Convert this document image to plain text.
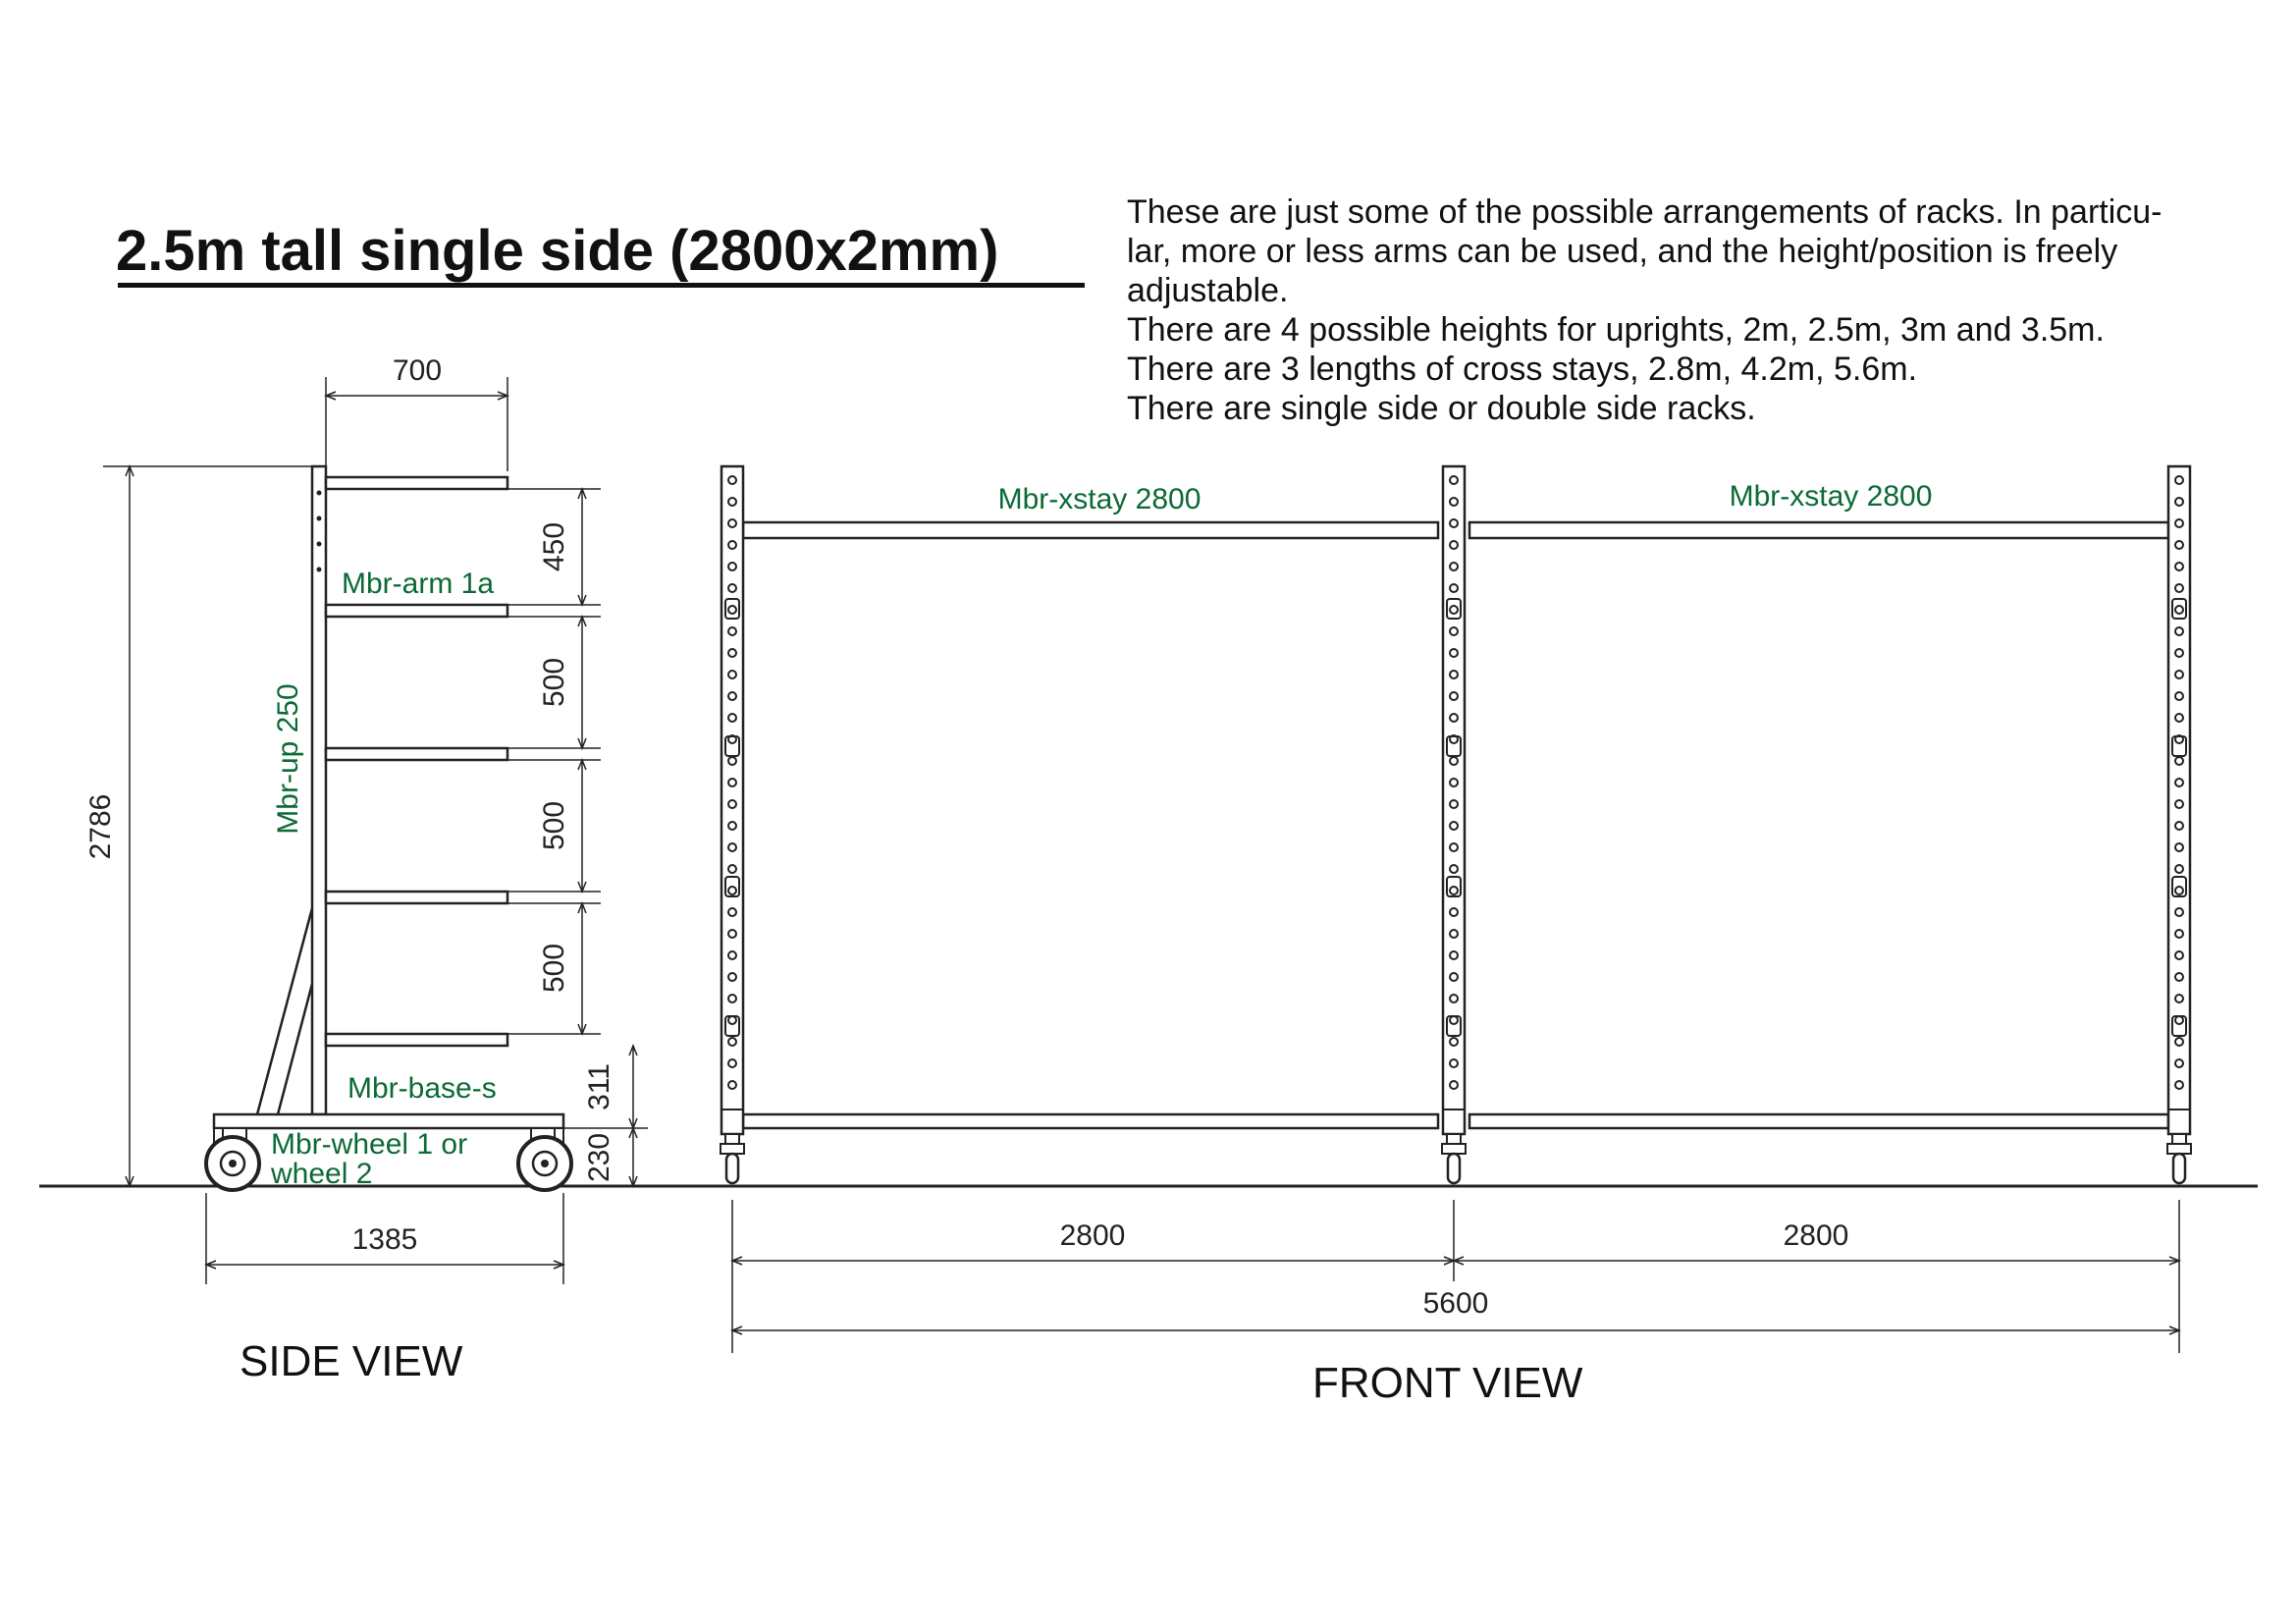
2.5m tall single side (2800x2mm)

These are just some of the possible arrangements of racks. In particu-

lar, more or less arms can be used, and the height/position is freely

adjustable.

There are 4 possible heights for uprights, 2m, 2.5m, 3m and 3.5m.

There are 3 lengths of cross stays, 2.8m, 4.2m, 5.6m.

There are single side or double side racks.

700
2786
450
500
500
500
311
230
1385
Mbr-up 250
Mbr-arm 1a
Mbr-base-s
Mbr-wheel 1 or
wheel 2
Mbr-xstay 2800	Mbr-xstay 2800
2800	2800
5600
SIDE VIEW	FRONT VIEW
